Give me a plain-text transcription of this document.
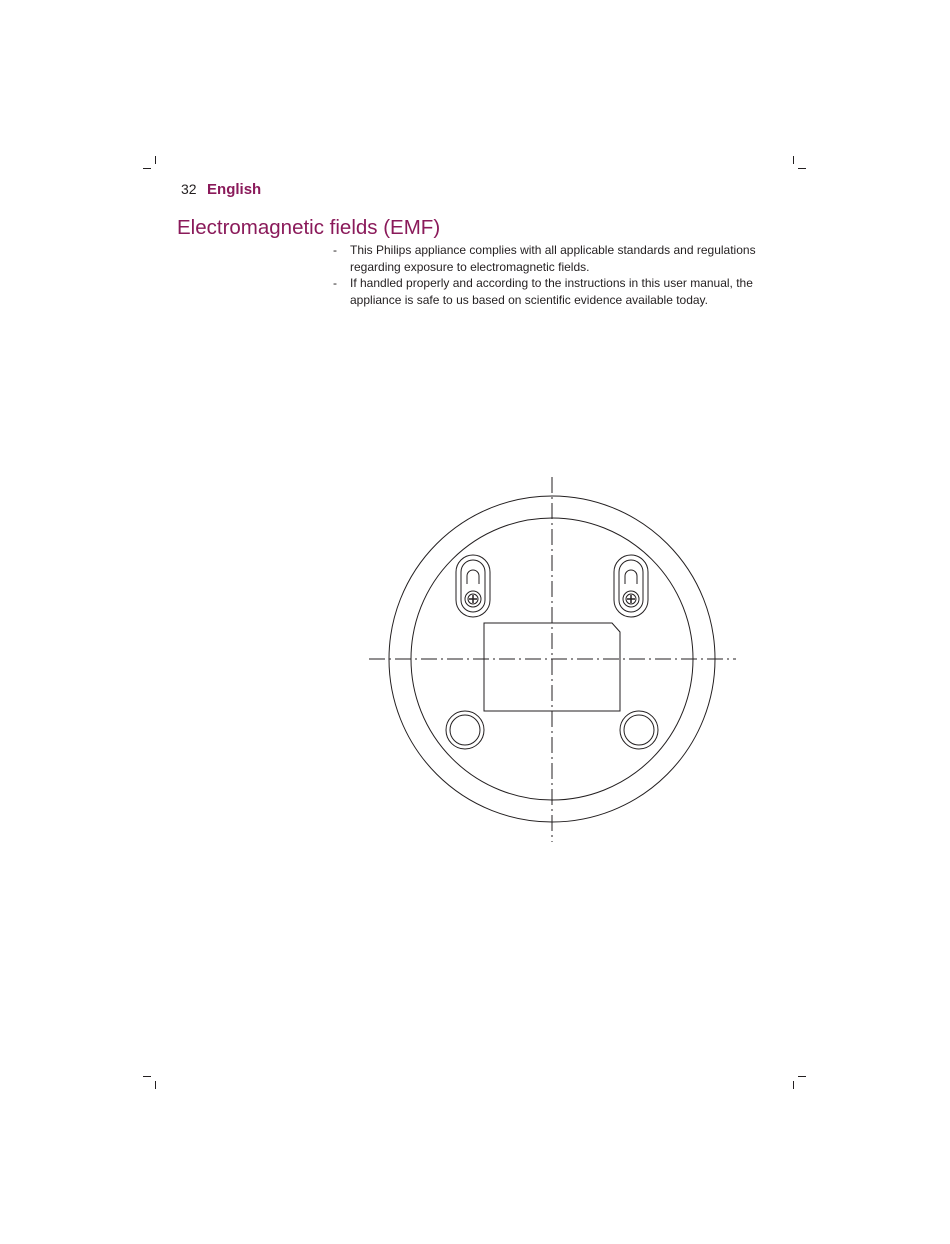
32 English
Electromagnetic fields (EMF)
- This Philips appliance complies with all applicable standards and regulations regarding exposure to electromagnetic fields.
- If handled properly and according to the instructions in this user manual, the appliance is safe to us based on scientific evidence available today.
